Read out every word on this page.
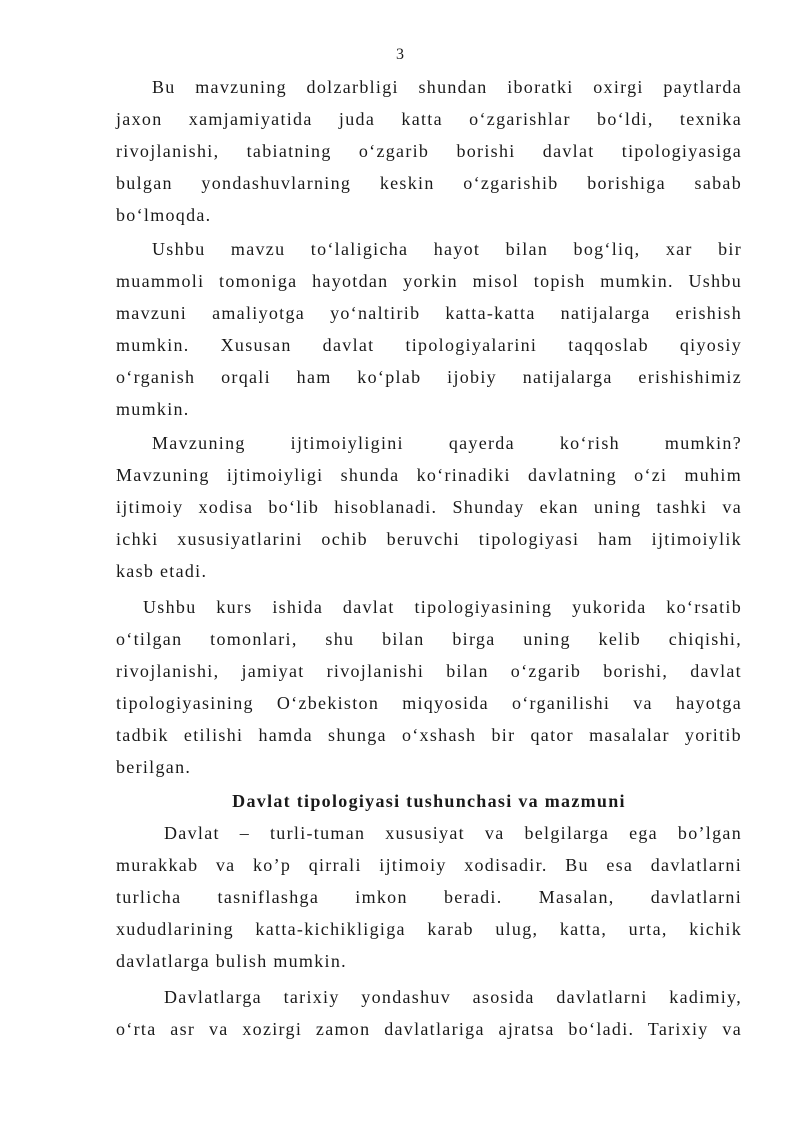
3
Bu mavzuning dolzarbligi shundan iboratki oxirgi paytlarda
jaxon xamjamiyatida juda katta o‘zgarishlar bo‘ldi, texnika
rivojlanishi, tabiatning o‘zgarib borishi davlat tipologiyasiga
bulgan yondashuvlarning keskin o‘zgarishib borishiga sabab
bo‘lmoqda.
Ushbu mavzu to‘laligicha hayot bilan bog‘liq, xar bir
muammoli tomoniga hayotdan yorkin misol topish mumkin. Ushbu
mavzuni amaliyotga yo‘naltirib katta-katta natijalarga erishish
mumkin. Xususan davlat tipologiyalarini taqqoslab qiyosiy
o‘rganish orqali ham ko‘plab ijobiy natijalarga erishishimiz
mumkin.
Mavzuning ijtimoiyligini qayerda ko‘rish mumkin?
Mavzuning ijtimoiyligi shunda ko‘rinadiki davlatning o‘zi muhim
ijtimoiy xodisa bo‘lib hisoblanadi. Shunday ekan uning tashki va
ichki xususiyatlarini ochib beruvchi tipologiyasi ham ijtimoiylik
kasb etadi.
Ushbu kurs ishida davlat tipologiyasining yukorida ko‘rsatib
o‘tilgan tomonlari, shu bilan birga uning kelib chiqishi,
rivojlanishi, jamiyat rivojlanishi bilan o‘zgarib borishi, davlat
tipologiyasining O‘zbekiston miqyosida o‘rganilishi va hayotga
tadbik etilishi hamda shunga o‘xshash bir qator masalalar yoritib
berilgan.
Davlat tipologiyasi tushunchasi va mazmuni
Davlat – turli-tuman xususiyat va belgilarga ega bo’lgan
murakkab va ko’p qirrali ijtimoiy xodisadir. Bu esa davlatlarni
turlicha tasniflashga imkon beradi. Masalan, davlatlarni
xududlarining katta-kichikligiga karab ulug, katta, urta, kichik
davlatlarga bulish mumkin.
Davlatlarga tarixiy yondashuv asosida davlatlarni kadimiy,
o‘rta asr va xozirgi zamon davlatlariga ajratsa bo‘ladi. Tarixiy va
